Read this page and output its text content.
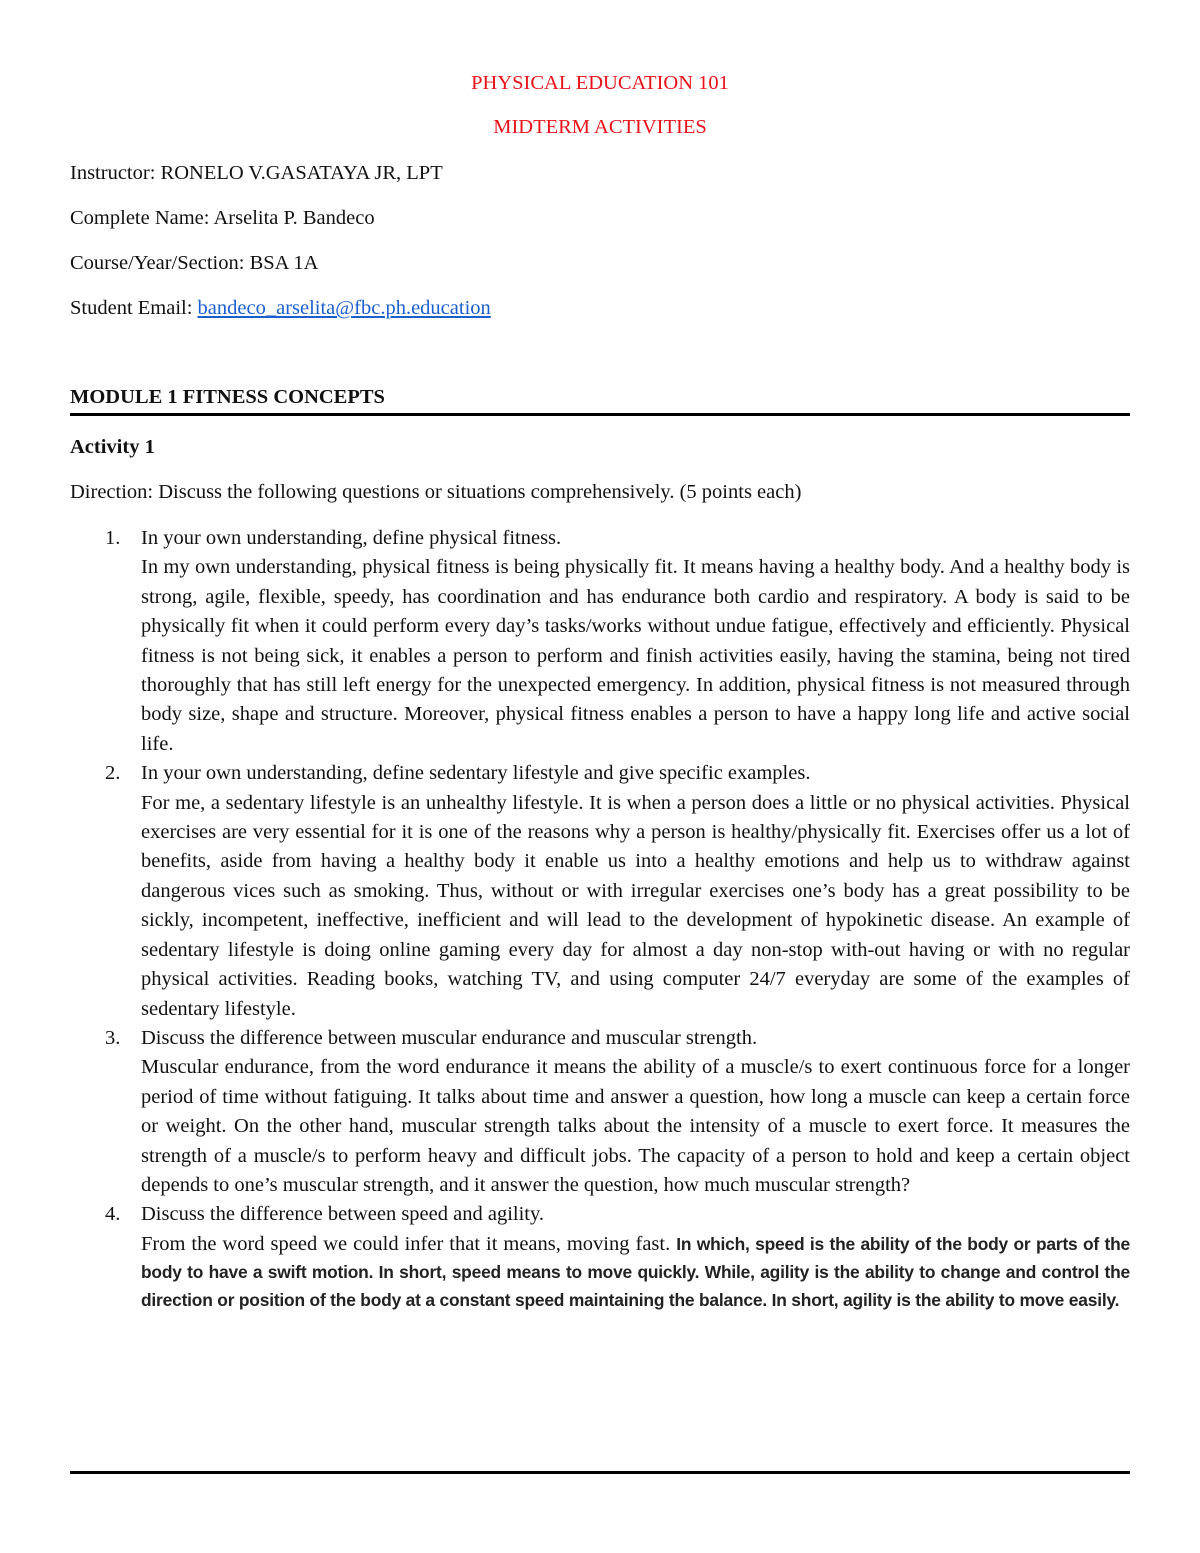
PHYSICAL EDUCATION 101
MIDTERM ACTIVITIES
Instructor: RONELO V.GASATAYA JR, LPT
Complete Name: Arselita P. Bandeco
Course/Year/Section: BSA 1A
Student Email: bandeco_arselita@fbc.ph.education
MODULE 1 FITNESS CONCEPTS
Activity 1
Direction: Discuss the following questions or situations comprehensively. (5 points each)
1. In your own understanding, define physical fitness.
In my own understanding, physical fitness is being physically fit. It means having a healthy body. And a healthy body is strong, agile, flexible, speedy, has coordination and has endurance both cardio and respiratory. A body is said to be physically fit when it could perform every day’s tasks/works without undue fatigue, effectively and efficiently. Physical fitness is not being sick, it enables a person to perform and finish activities easily, having the stamina, being not tired thoroughly that has still left energy for the unexpected emergency. In addition, physical fitness is not measured through body size, shape and structure. Moreover, physical fitness enables a person to have a happy long life and active social life.
2. In your own understanding, define sedentary lifestyle and give specific examples.
For me, a sedentary lifestyle is an unhealthy lifestyle. It is when a person does a little or no physical activities. Physical exercises are very essential for it is one of the reasons why a person is healthy/physically fit. Exercises offer us a lot of benefits, aside from having a healthy body it enable us into a healthy emotions and help us to withdraw against dangerous vices such as smoking. Thus, without or with irregular exercises one’s body has a great possibility to be sickly, incompetent, ineffective, inefficient and will lead to the development of hypokinetic disease. An example of sedentary lifestyle is doing online gaming every day for almost a day non-stop with-out having or with no regular physical activities. Reading books, watching TV, and using computer 24/7 everyday are some of the examples of sedentary lifestyle.
3. Discuss the difference between muscular endurance and muscular strength.
Muscular endurance, from the word endurance it means the ability of a muscle/s to exert continuous force for a longer period of time without fatiguing. It talks about time and answer a question, how long a muscle can keep a certain force or weight. On the other hand, muscular strength talks about the intensity of a muscle to exert force. It measures the strength of a muscle/s to perform heavy and difficult jobs. The capacity of a person to hold and keep a certain object depends to one’s muscular strength, and it answer the question, how much muscular strength?
4. Discuss the difference between speed and agility.
From the word speed we could infer that it means, moving fast. In which, speed is the ability of the body or parts of the body to have a swift motion. In short, speed means to move quickly. While, agility is the ability to change and control the direction or position of the body at a constant speed maintaining the balance. In short, agility is the ability to move easily.
